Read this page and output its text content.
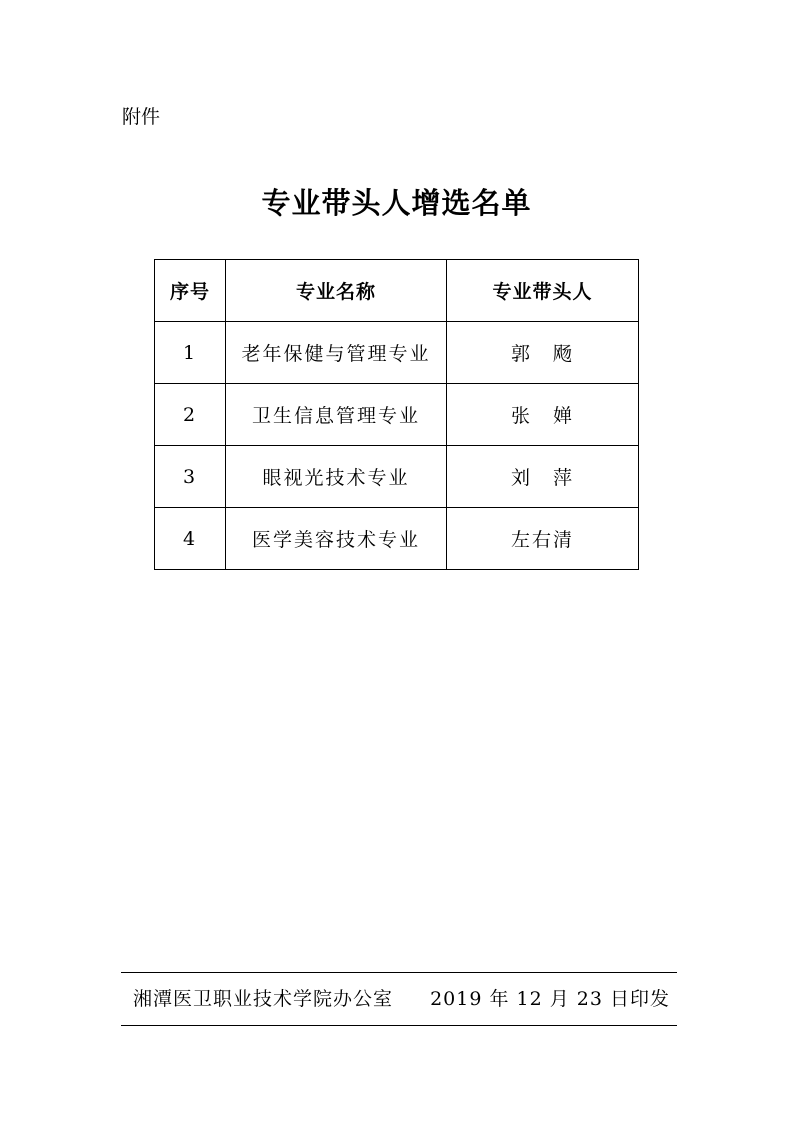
附件
专业带头人增选名单
序号	专业名称	专业带头人
1	老年保健与管理专业	郭　飏
2	卫生信息管理专业	张　婵
3	眼视光技术专业	刘　萍
4	医学美容技术专业	左右清
湘潭医卫职业技术学院办公室 2019 年 12 月 23 日印发
